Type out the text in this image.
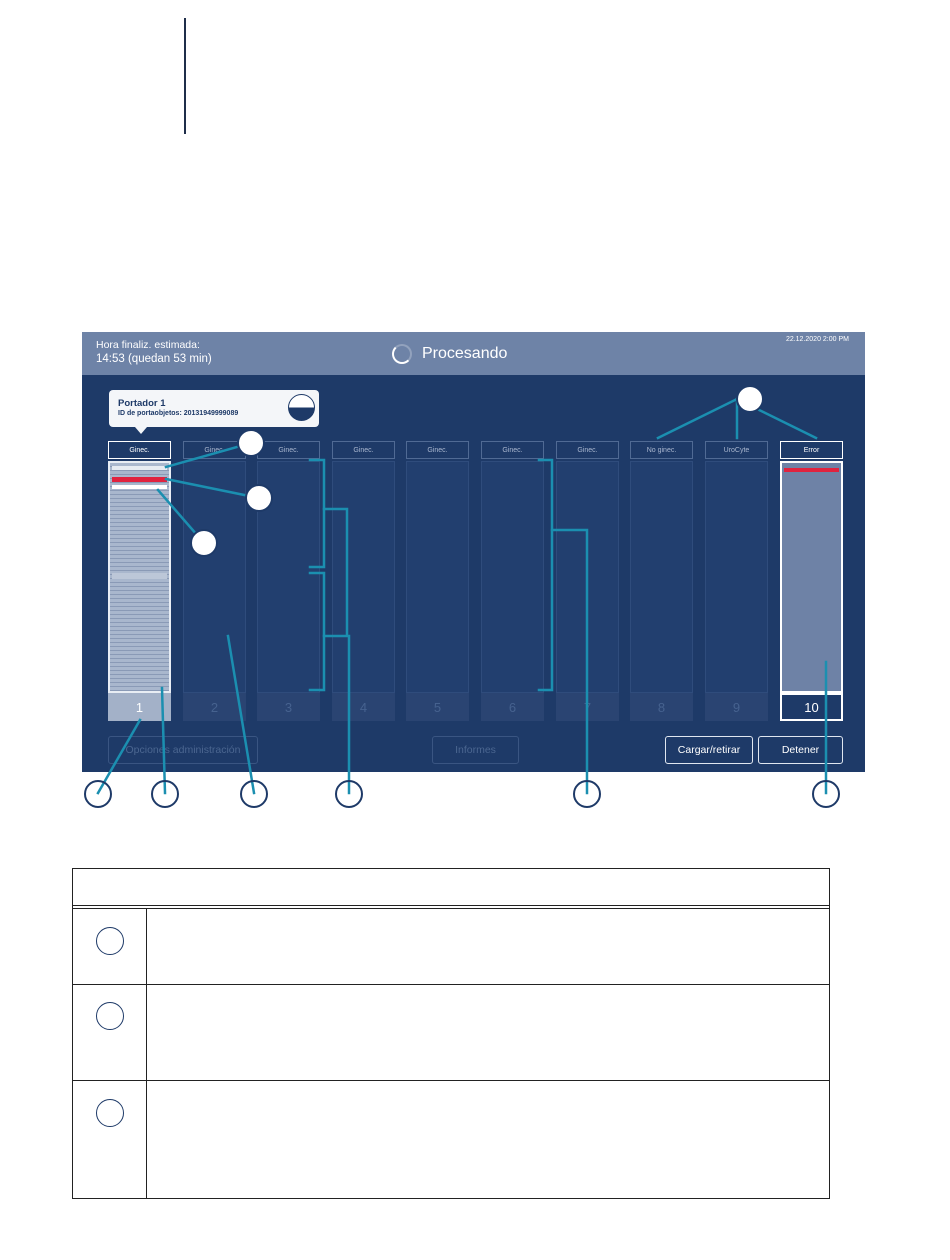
Hora finaliz. estimada:
14:53 (quedan 53 min)	Procesando
22.12.2020 2:00 PM
Portador 1
ID de portaobjetos: 20131949999089
Ginec.
1
Ginec.
2
Ginec.
3
Ginec.
4
Ginec.
5
Ginec.
6
Ginec.
7
No ginec.
8
UroCyte
9
Error
10
Opciones administración	Informes	Cargar/retirar	Detener
